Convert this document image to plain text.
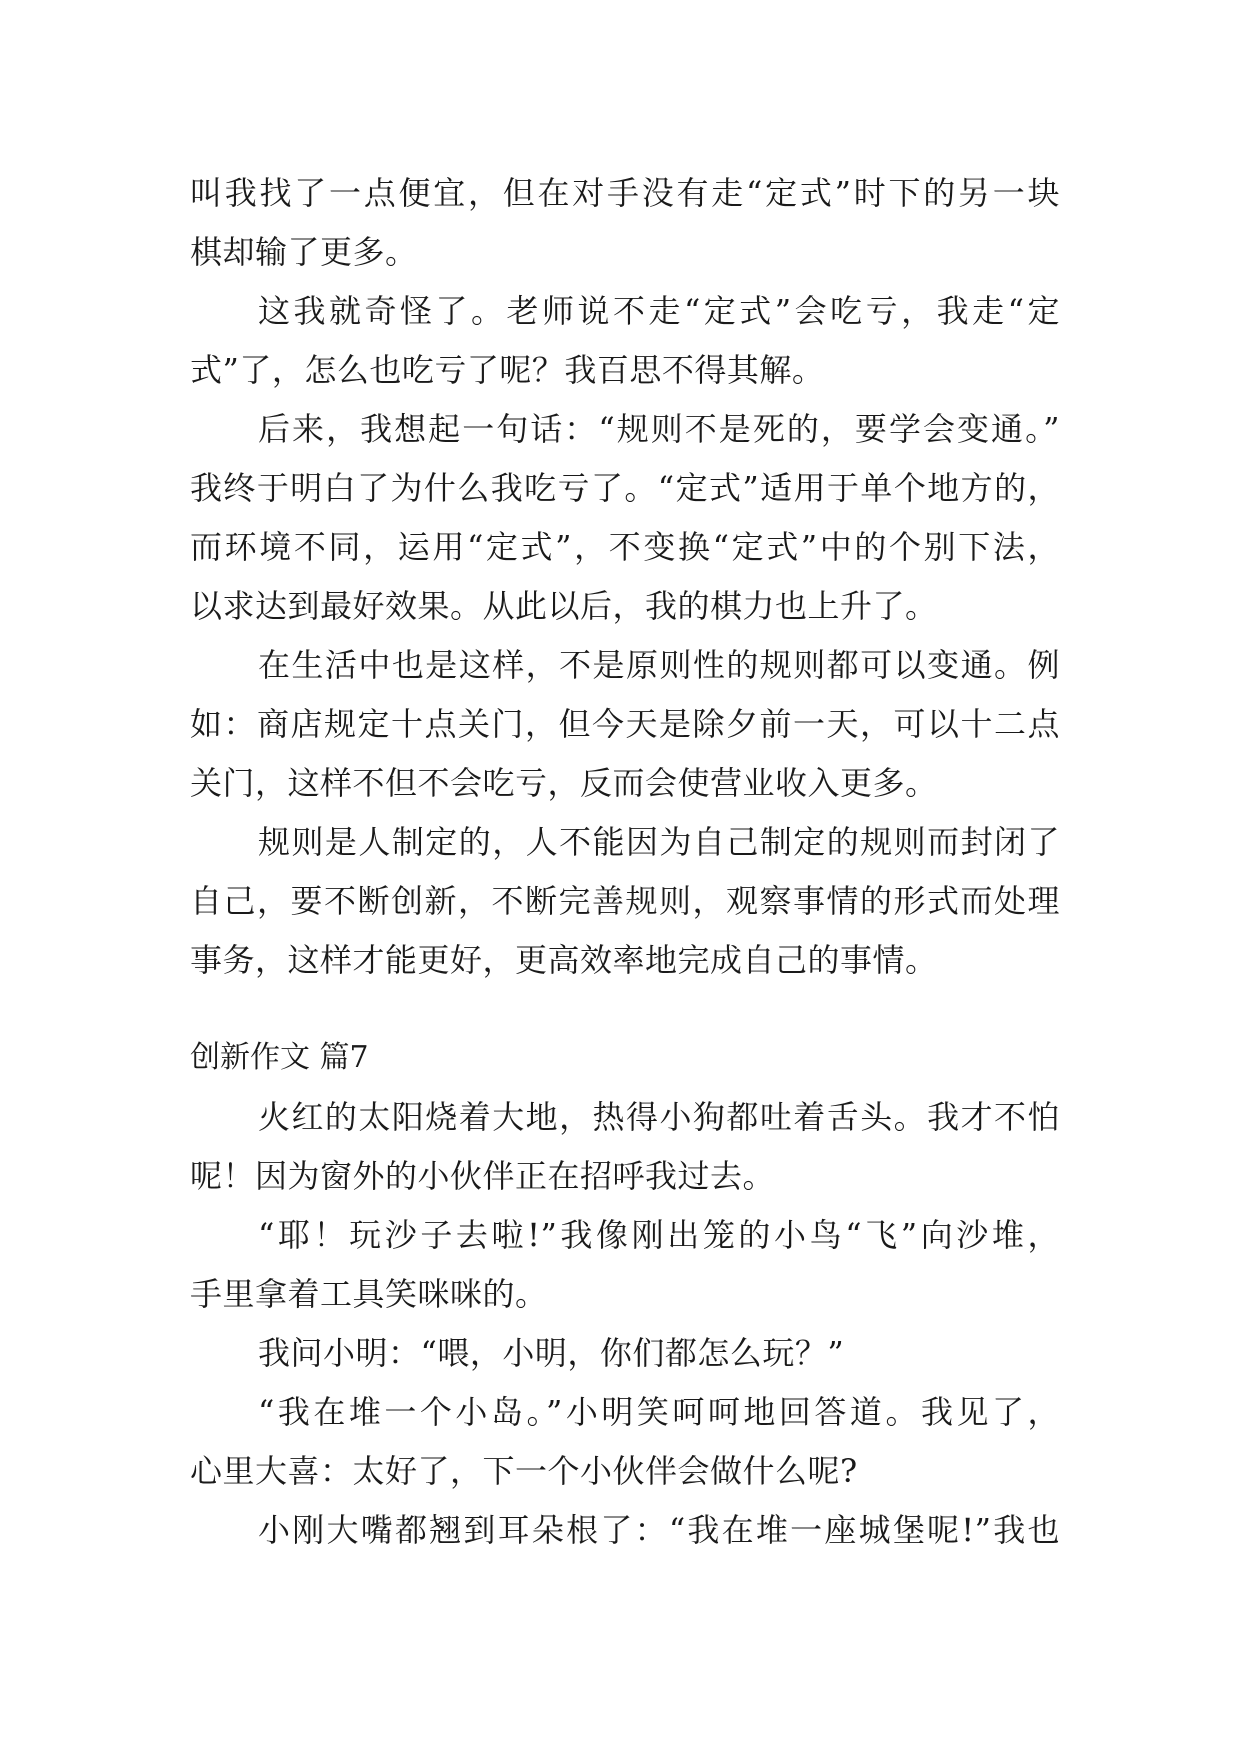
叫我找了一点便宜，但在对手没有走“定式”时下的另一块
棋却输了更多。
这我就奇怪了。老师说不走“定式”会吃亏，我走“定
式”了，怎么也吃亏了呢？我百思不得其解。
后来，我想起一句话：“规则不是死的，要学会变通。”
我终于明白了为什么我吃亏了。“定式”适用于单个地方的，
而环境不同，运用“定式”，不变换“定式”中的个别下法，
以求达到最好效果。从此以后，我的棋力也上升了。
在生活中也是这样，不是原则性的规则都可以变通。例
如：商店规定十点关门，但今天是除夕前一天，可以十二点
关门，这样不但不会吃亏，反而会使营业收入更多。
规则是人制定的，人不能因为自己制定的规则而封闭了
自己，要不断创新，不断完善规则，观察事情的形式而处理
事务，这样才能更好，更高效率地完成自己的事情。
创新作文 篇7
火红的太阳烧着大地，热得小狗都吐着舌头。我才不怕
呢！因为窗外的小伙伴正在招呼我过去。
“耶！玩沙子去啦!”我像刚出笼的小鸟“飞”向沙堆，
手里拿着工具笑咪咪的。
我问小明：“喂，小明，你们都怎么玩？”
“我在堆一个小岛。”小明笑呵呵地回答道。我见了，
心里大喜：太好了，下一个小伙伴会做什么呢?
小刚大嘴都翘到耳朵根了：“我在堆一座城堡呢!”我也
